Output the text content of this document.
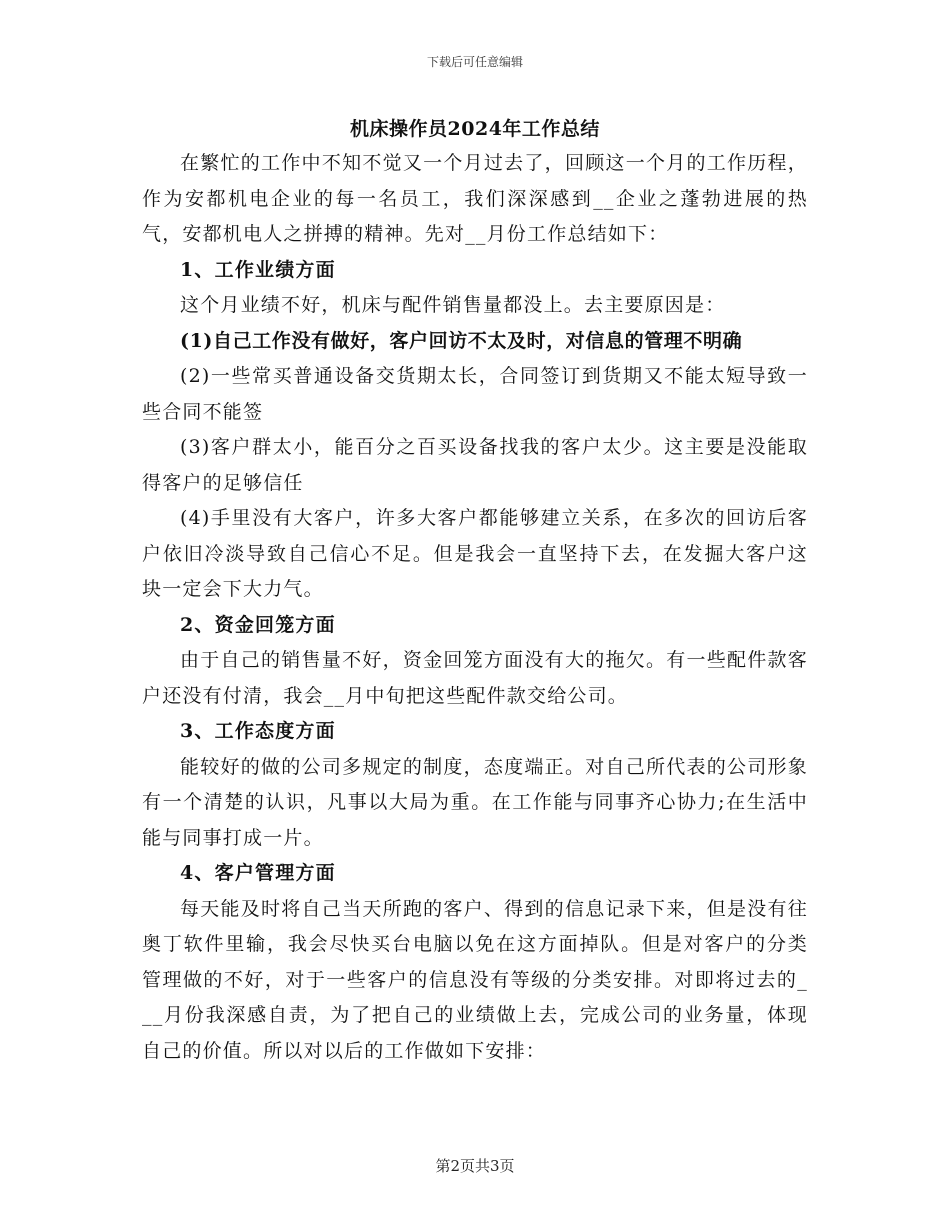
下载后可任意编辑
机床操作员2024年工作总结

在繁忙的工作中不知不觉又一个月过去了，回顾这一个月的工作历程，作为安都机电企业的每一名员工，我们深深感到__企业之蓬勃进展的热气，安都机电人之拼搏的精神。先对__月份工作总结如下：

1、工作业绩方面

这个月业绩不好，机床与配件销售量都没上。去主要原因是：

(1)自己工作没有做好，客户回访不太及时，对信息的管理不明确

(2)一些常买普通设备交货期太长，合同签订到货期又不能太短导致一些合同不能签

(3)客户群太小，能百分之百买设备找我的客户太少。这主要是没能取得客户的足够信任

(4)手里没有大客户，许多大客户都能够建立关系，在多次的回访后客户依旧冷淡导致自己信心不足。但是我会一直坚持下去，在发掘大客户这块一定会下大力气。

2、资金回笼方面

由于自己的销售量不好，资金回笼方面没有大的拖欠。有一些配件款客户还没有付清，我会__月中旬把这些配件款交给公司。

3、工作态度方面

能较好的做的公司多规定的制度，态度端正。对自己所代表的公司形象有一个清楚的认识，凡事以大局为重。在工作能与同事齐心协力;在生活中能与同事打成一片。

4、客户管理方面

每天能及时将自己当天所跑的客户、得到的信息记录下来，但是没有往奥丁软件里输，我会尽快买台电脑以免在这方面掉队。但是对客户的分类管理做的不好，对于一些客户的信息没有等级的分类安排。对即将过去的___月份我深感自责，为了把自己的业绩做上去，完成公司的业务量，体现自己的价值。所以对以后的工作做如下安排：

第2页共3页
